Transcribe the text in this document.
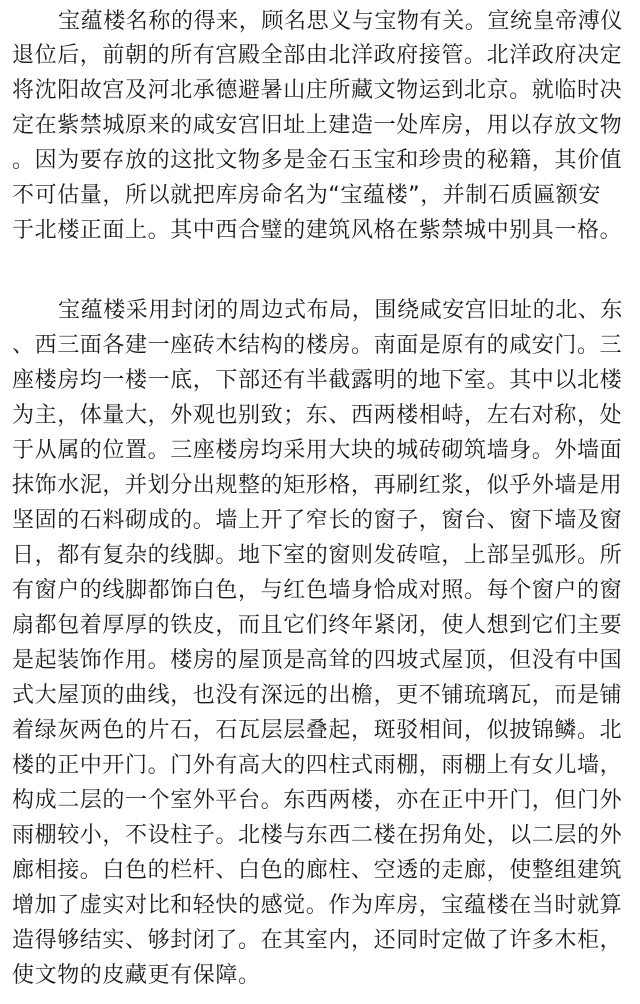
宝蕴楼名称的得来，顾名思义与宝物有关。宣统皇帝溥仪
退位后，前朝的所有宫殿全部由北洋政府接管。北洋政府决定
将沈阳故宫及河北承德避暑山庄所藏文物运到北京。就临时决
定在紫禁城原来的咸安宫旧址上建造一处库房，用以存放文物
。因为要存放的这批文物多是金石玉宝和珍贵的秘籍，其价值
不可估量，所以就把库房命名为“宝蕴楼”，并制石质匾额安
于北楼正面上。其中西合璧的建筑风格在紫禁城中别具一格。
宝蕴楼采用封闭的周边式布局，围绕咸安宫旧址的北、东
、西三面各建一座砖木结构的楼房。南面是原有的咸安门。三
座楼房均一楼一底，下部还有半截露明的地下室。其中以北楼
为主，体量大，外观也别致；东、西两楼相峙，左右对称，处
于从属的位置。三座楼房均采用大块的城砖砌筑墙身。外墙面
抹饰水泥，并划分出规整的矩形格，再刷红浆，似乎外墙是用
坚固的石料砌成的。墙上开了窄长的窗子，窗台、窗下墙及窗
日，都有复杂的线脚。地下室的窗则发砖喧，上部呈弧形。所
有窗户的线脚都饰白色，与红色墙身恰成对照。每个窗户的窗
扇都包着厚厚的铁皮，而且它们终年紧闭，使人想到它们主要
是起装饰作用。楼房的屋顶是高耸的四坡式屋顶，但没有中国
式大屋顶的曲线，也没有深远的出檐，更不铺琉璃瓦，而是铺
着绿灰两色的片石，石瓦层层叠起，斑驳相间，似披锦鳞。北
楼的正中开门。门外有高大的四柱式雨棚，雨棚上有女儿墙，
构成二层的一个室外平台。东西两楼，亦在正中开门，但门外
雨棚较小，不设柱子。北楼与东西二楼在拐角处，以二层的外
廊相接。白色的栏杆、白色的廊柱、空透的走廊，使整组建筑
增加了虚实对比和轻快的感觉。作为库房，宝蕴楼在当时就算
造得够结实、够封闭了。在其室内，还同时定做了许多木柜，
使文物的皮藏更有保障。
